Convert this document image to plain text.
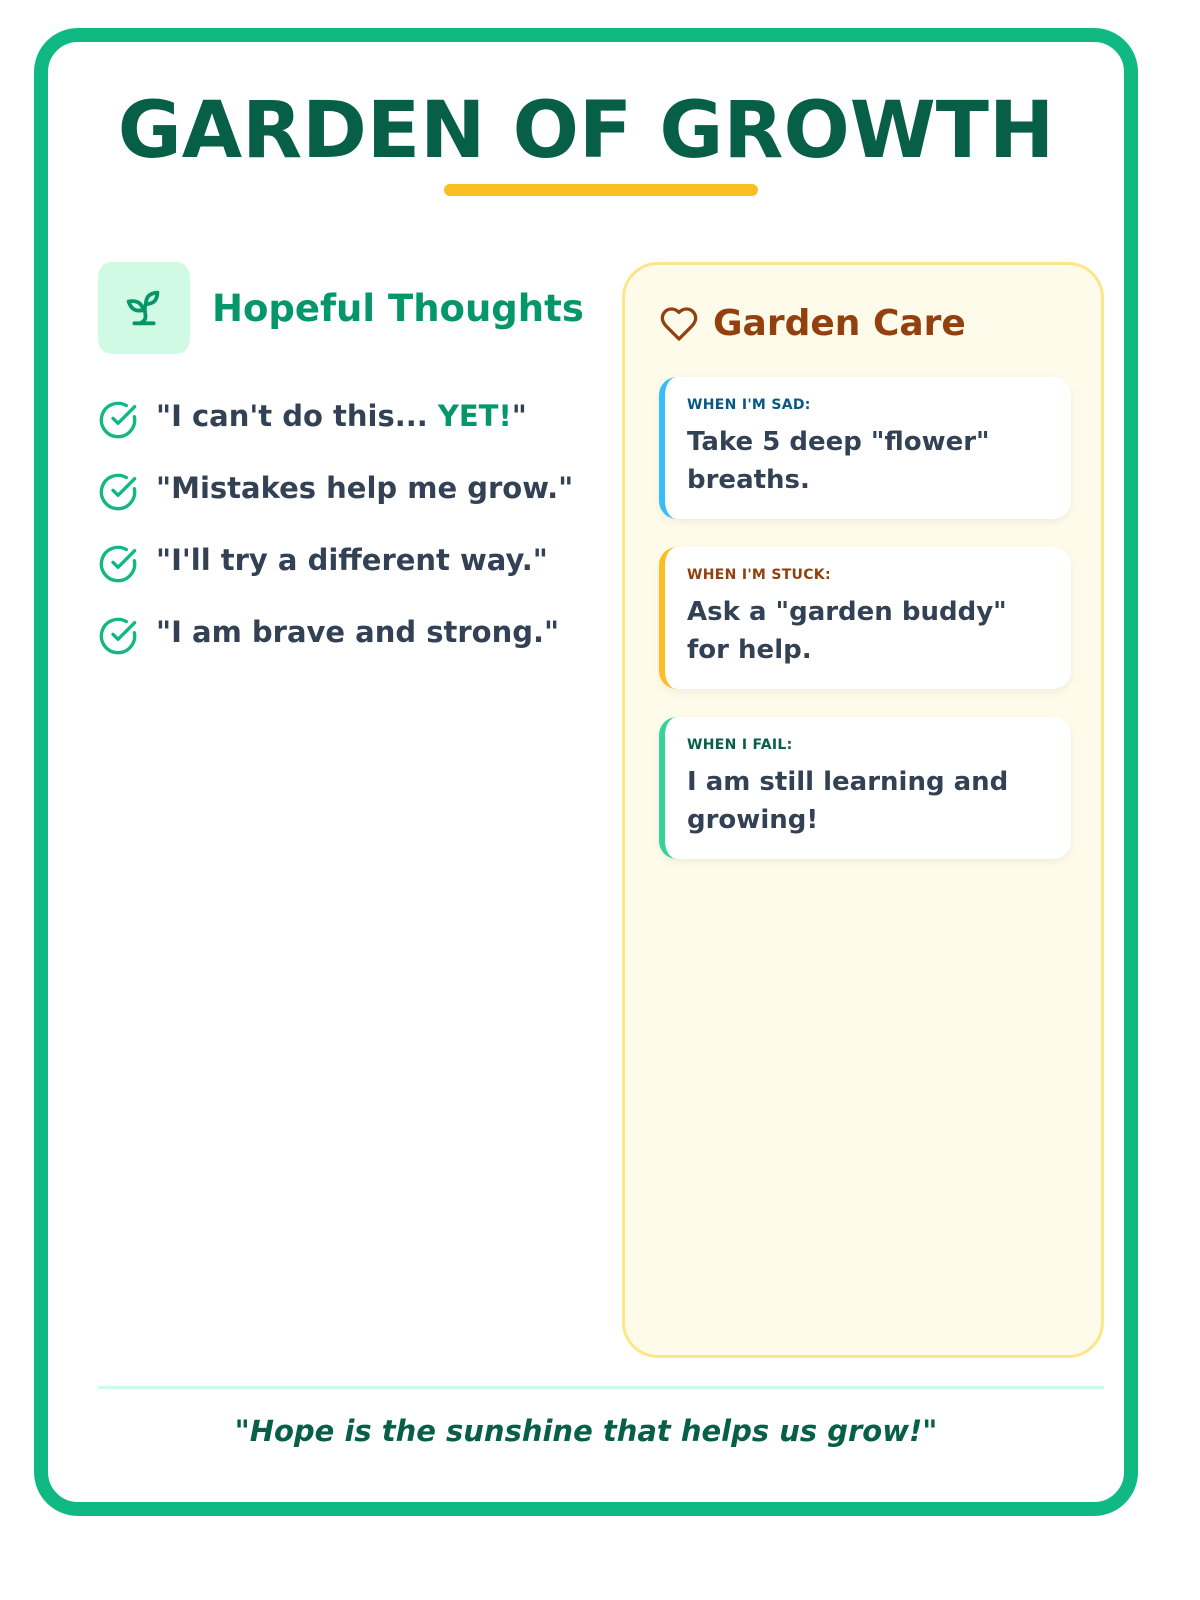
GARDEN OF GROWTH
Hopeful Thoughts
"I can't do this... YET!"
"Mistakes help me grow."
"I'll try a different way."
"I am brave and strong."
Garden Care
WHEN I'M SAD:
Take 5 deep "flower" breaths.
WHEN I'M STUCK:
Ask a "garden buddy" for help.
WHEN I FAIL:
I am still learning and growing!
"Hope is the sunshine that helps us grow!"
